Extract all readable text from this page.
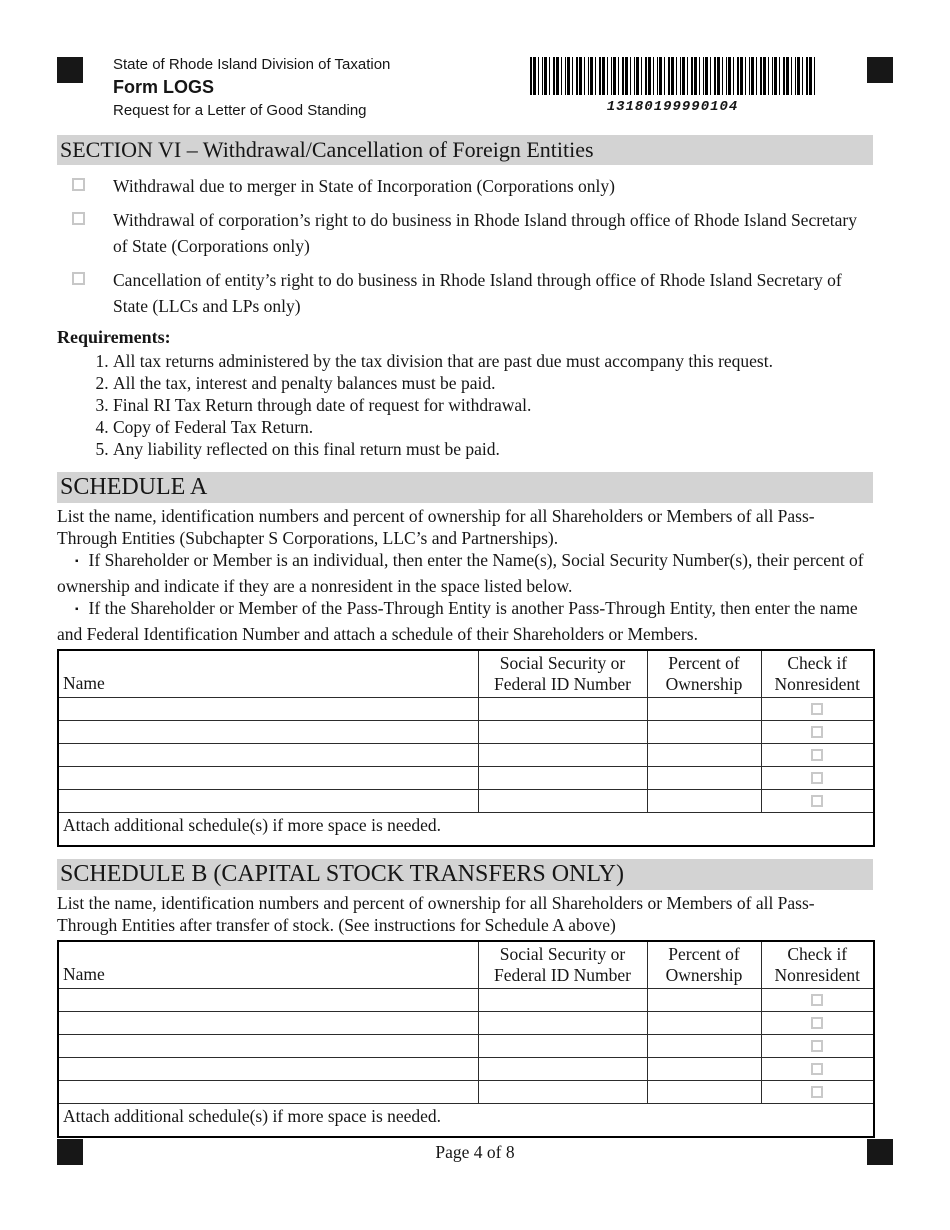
State of Rhode Island Division of Taxation
Form LOGS
Request for a Letter of Good Standing	13180199990104
SECTION VI – Withdrawal/Cancellation of Foreign Entities
Withdrawal due to merger in State of Incorporation (Corporations only)
Withdrawal of corporation’s right to do business in Rhode Island through office of Rhode Island Secretary of State (Corporations only)
Cancellation of entity’s right to do business in Rhode Island through office of Rhode Island Secretary of State (LLCs and LPs only)
Requirements:
1. All tax returns administered by the tax division that are past due must accompany this request.
2. All the tax, interest and penalty balances must be paid.
3. Final RI Tax Return through date of request for withdrawal.
4. Copy of Federal Tax Return.
5. Any liability reflected on this final return must be paid.
SCHEDULE A

List the name, identification numbers and percent of ownership for all Shareholders or Members of all Pass-Through Entities (Subchapter S Corporations, LLC’s and Partnerships).

▪ If Shareholder or Member is an individual, then enter the Name(s), Social Security Number(s), their percent of ownership and indicate if they are a nonresident in the space listed below.

▪ If the Shareholder or Member of the Pass-Through Entity is another Pass-Through Entity, then enter the name and Federal Identification Number and attach a schedule of their Shareholders or Members.

Name	Social Security or Federal ID Number	Percent of Ownership	Check if Nonresident

Attach additional schedule(s) if more space is needed.			
SCHEDULE B (CAPITAL STOCK TRANSFERS ONLY)

List the name, identification numbers and percent of ownership for all Shareholders or Members of all Pass-Through Entities after transfer of stock. (See instructions for Schedule A above)

Name	Social Security or Federal ID Number	Percent of Ownership	Check if Nonresident

Attach additional schedule(s) if more space is needed.			
Page 4 of 8
